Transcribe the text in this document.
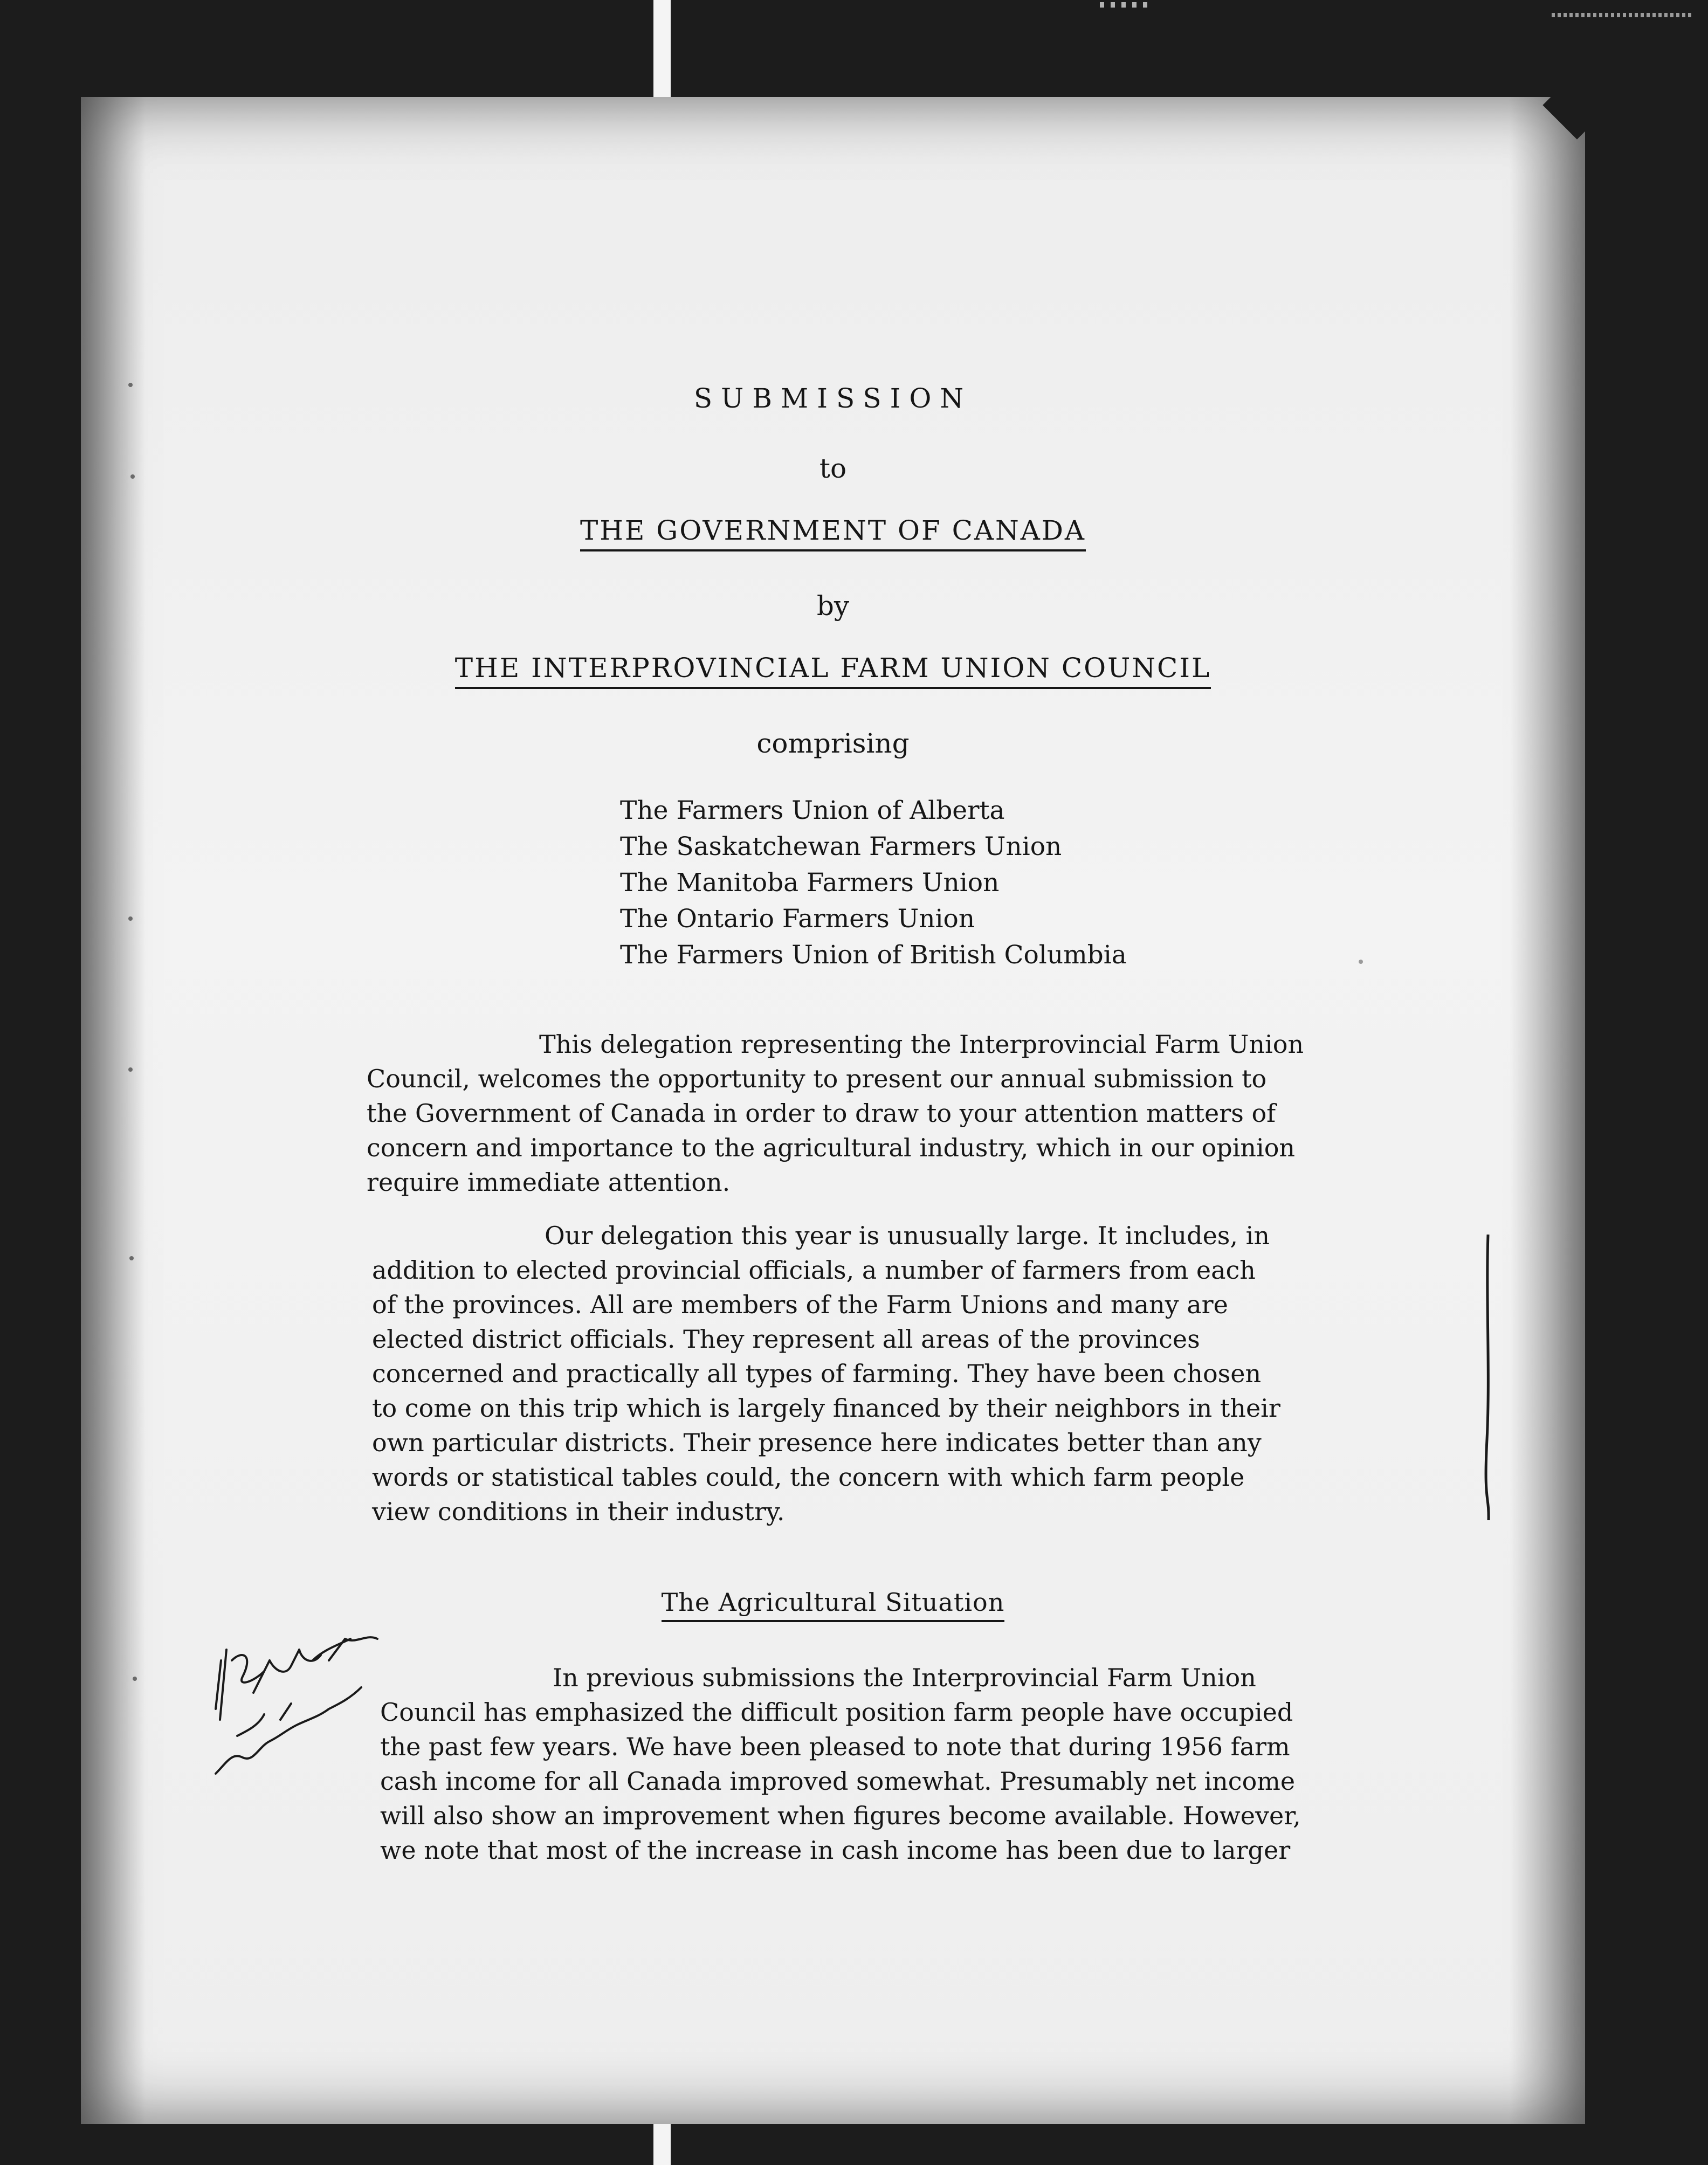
SUBMISSION
to
THE GOVERNMENT OF CANADA
by
THE INTERPROVINCIAL FARM UNION COUNCIL
comprising
The Farmers Union of Alberta
The Saskatchewan Farmers Union
The Manitoba Farmers Union
The Ontario Farmers Union
The Farmers Union of British Columbia
This delegation representing the Interprovincial Farm Union
Council, welcomes the opportunity to present our annual submission to
the Government of Canada in order to draw to your attention matters of
concern and importance to the agricultural industry, which in our opinion
require immediate attention.
Our delegation this year is unusually large. It includes, in
addition to elected provincial officials, a number of farmers from each
of the provinces. All are members of the Farm Unions and many are
elected district officials. They represent all areas of the provinces
concerned and practically all types of farming. They have been chosen
to come on this trip which is largely financed by their neighbors in their
own particular districts. Their presence here indicates better than any
words or statistical tables could, the concern with which farm people
view conditions in their industry.
The Agricultural Situation
In previous submissions the Interprovincial Farm Union
Council has emphasized the difficult position farm people have occupied
the past few years. We have been pleased to note that during 1956 farm
cash income for all Canada improved somewhat. Presumably net income
will also show an improvement when figures become available. However,
we note that most of the increase in cash income has been due to larger
